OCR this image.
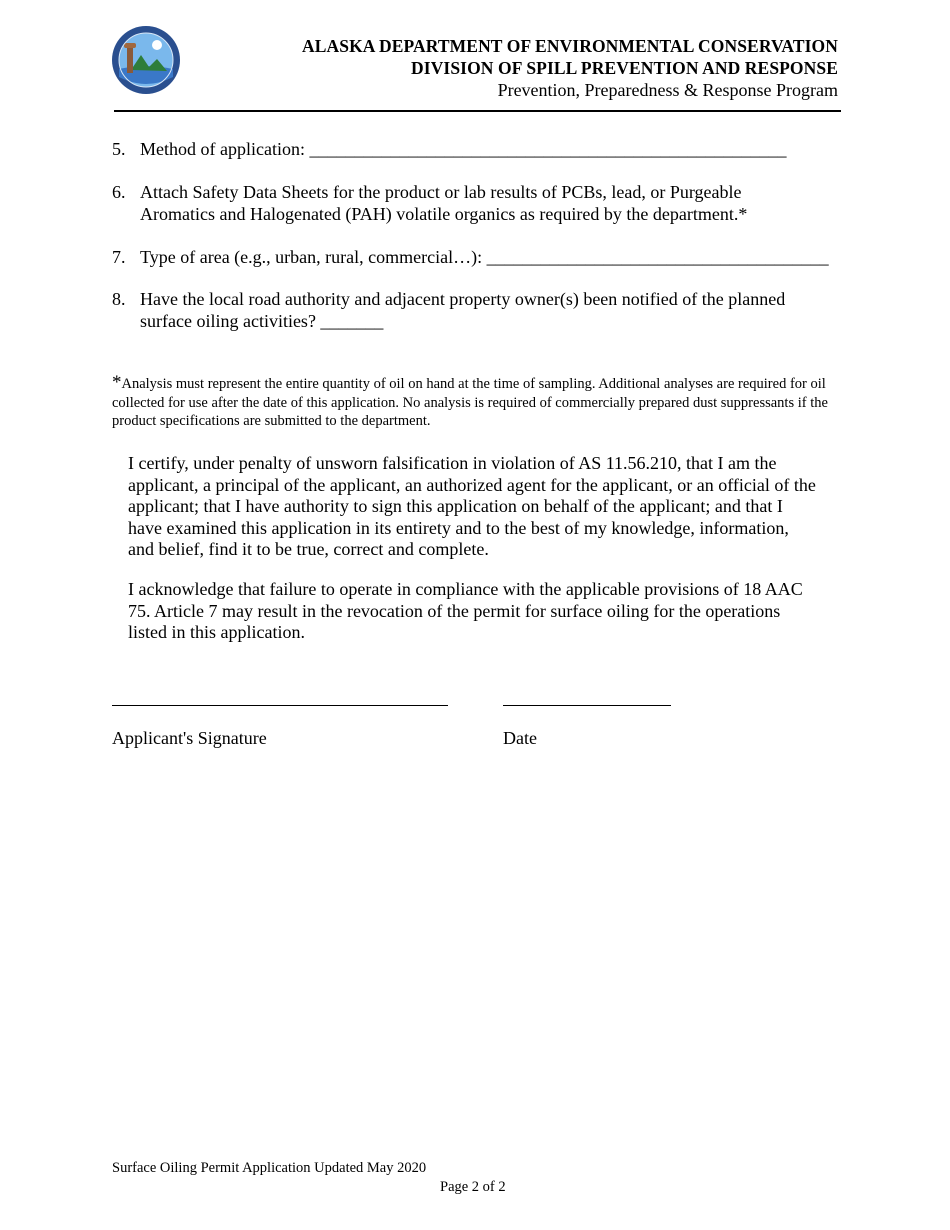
ALASKA DEPARTMENT OF ENVIRONMENTAL CONSERVATION
DIVISION OF SPILL PREVENTION AND RESPONSE
Prevention, Preparedness & Response Program
5. Method of application: _____________________________________________________
6. Attach Safety Data Sheets for the product or lab results of PCBs, lead, or Purgeable
Aromatics and Halogenated (PAH) volatile organics as required by the department.*
7. Type of area (e.g., urban, rural, commercial…): ______________________________________
8. Have the local road authority and adjacent property owner(s) been notified of the planned
surface oiling activities? _______
*Analysis must represent the entire quantity of oil on hand at the time of sampling. Additional analyses are required for oil collected for use after the date of this application. No analysis is required of commercially prepared dust suppressants if the product specifications are submitted to the department.
I certify, under penalty of unsworn falsification in violation of AS 11.56.210, that I am the applicant, a principal of the applicant, an authorized agent for the applicant, or an official of the applicant; that I have authority to sign this application on behalf of the applicant; and that I have examined this application in its entirety and to the best of my knowledge, information, and belief, find it to be true, correct and complete.
I acknowledge that failure to operate in compliance with the applicable provisions of 18 AAC 75. Article 7 may result in the revocation of the permit for surface oiling for the operations listed in this application.
Applicant's Signature	Date
Surface Oiling Permit Application Updated May 2020
Page 2 of 2
